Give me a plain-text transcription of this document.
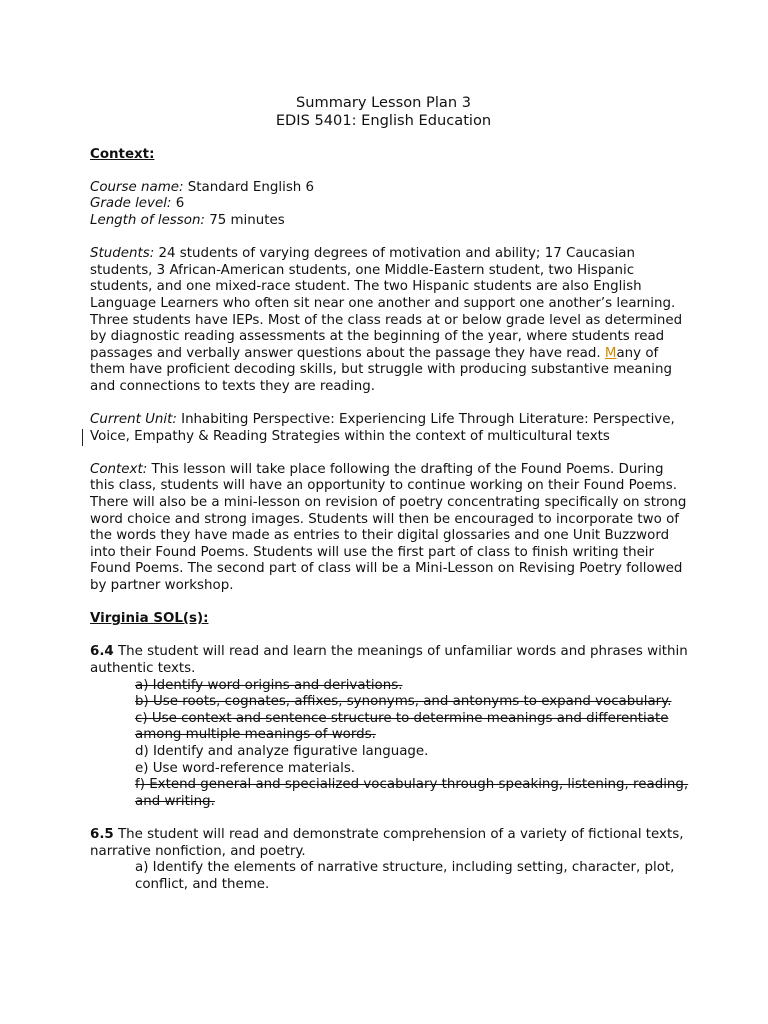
Summary Lesson Plan 3
EDIS 5401: English Education

Context:

Course name: Standard English 6

Grade level: 6

Length of lesson: 75 minutes

Students: 24 students of varying degrees of motivation and ability; 17 Caucasian students, 3 African-American students, one Middle-Eastern student, two Hispanic students, and one mixed-race student. The two Hispanic students are also English Language Learners who often sit near one another and support one another’s learning. Three students have IEPs. Most of the class reads at or below grade level as determined by diagnostic reading assessments at the beginning of the year, where students read passages and verbally answer questions about the passage they have read. Many of them have proficient decoding skills, but struggle with producing substantive meaning and connections to texts they are reading.

Current Unit: Inhabiting Perspective: Experiencing Life Through Literature: Perspective, Voice, Empathy & Reading Strategies within the context of multicultural texts

Context: This lesson will take place following the drafting of the Found Poems. During this class, students will have an opportunity to continue working on their Found Poems. There will also be a mini-lesson on revision of poetry concentrating specifically on strong word choice and strong images. Students will then be encouraged to incorporate two of the words they have made as entries to their digital glossaries and one Unit Buzzword into their Found Poems. Students will use the first part of class to finish writing their Found Poems. The second part of class will be a Mini-Lesson on Revising Poetry followed by partner workshop.

Virginia SOL(s):

6.4 The student will read and learn the meanings of unfamiliar words and phrases within authentic texts.

a) Identify word origins and derivations.

b) Use roots, cognates, affixes, synonyms, and antonyms to expand vocabulary.

c) Use context and sentence structure to determine meanings and differentiate among multiple meanings of words.

d) Identify and analyze figurative language.

e) Use word-reference materials.

f) Extend general and specialized vocabulary through speaking, listening, reading, and writing.

6.5 The student will read and demonstrate comprehension of a variety of fictional texts, narrative nonfiction, and poetry.

a) Identify the elements of narrative structure, including setting, character, plot, conflict, and theme.
